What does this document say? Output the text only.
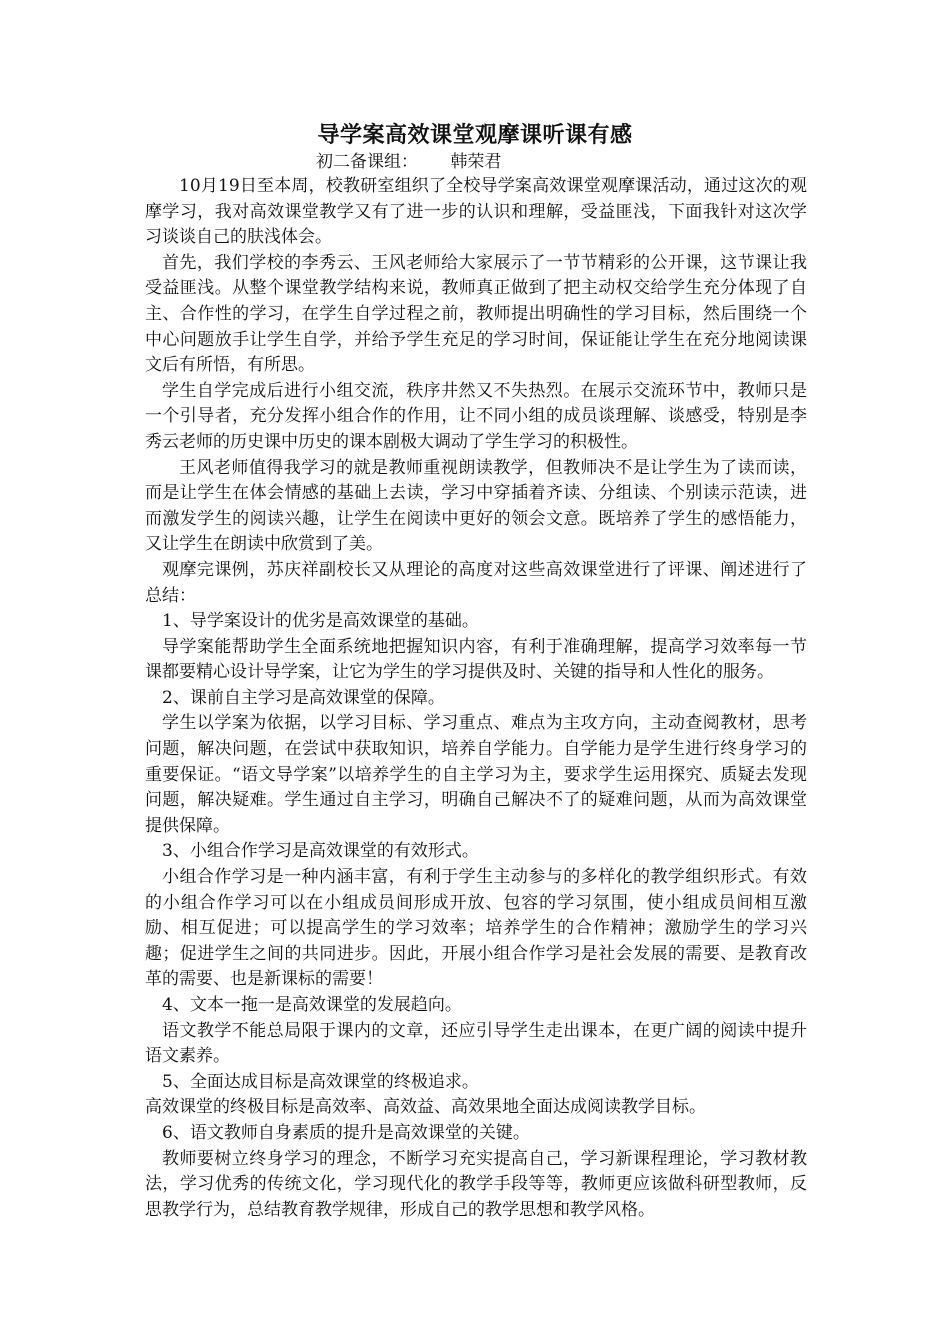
导学案高效课堂观摩课听课有感
初二备课组： 韩荣君

10月19日至本周，校教研室组织了全校导学案高效课堂观摩课活动，通过这次的观摩学习，我对高效课堂教学又有了进一步的认识和理解，受益匪浅，下面我针对这次学习谈谈自己的肤浅体会。

首先，我们学校的李秀云、王风老师给大家展示了一节节精彩的公开课，这节课让我受益匪浅。从整个课堂教学结构来说，教师真正做到了把主动权交给学生充分体现了自主、合作性的学习，在学生自学过程之前，教师提出明确性的学习目标，然后围绕一个中心问题放手让学生自学，并给予学生充足的学习时间，保证能让学生在充分地阅读课文后有所悟，有所思。

学生自学完成后进行小组交流，秩序井然又不失热烈。在展示交流环节中，教师只是一个引导者，充分发挥小组合作的作用，让不同小组的成员谈理解、谈感受，特别是李秀云老师的历史课中历史的课本剧极大调动了学生学习的积极性。

王风老师值得我学习的就是教师重视朗读教学，但教师决不是让学生为了读而读，而是让学生在体会情感的基础上去读，学习中穿插着齐读、分组读、个别读示范读，进而激发学生的阅读兴趣，让学生在阅读中更好的领会文意。既培养了学生的感悟能力，又让学生在朗读中欣赏到了美。

观摩完课例，苏庆祥副校长又从理论的高度对这些高效课堂进行了评课、阐述进行了总结：

1、导学案设计的优劣是高效课堂的基础。

导学案能帮助学生全面系统地把握知识内容，有利于准确理解，提高学习效率每一节课都要精心设计导学案，让它为学生的学习提供及时、关键的指导和人性化的服务。

2、课前自主学习是高效课堂的保障。

学生以学案为依据，以学习目标、学习重点、难点为主攻方向，主动查阅教材，思考问题，解决问题，在尝试中获取知识，培养自学能力。自学能力是学生进行终身学习的重要保证。“语文导学案”以培养学生的自主学习为主，要求学生运用探究、质疑去发现问题，解决疑难。学生通过自主学习，明确自己解决不了的疑难问题，从而为高效课堂提供保障。

3、小组合作学习是高效课堂的有效形式。

小组合作学习是一种内涵丰富，有利于学生主动参与的多样化的教学组织形式。有效的小组合作学习可以在小组成员间形成开放、包容的学习氛围，使小组成员间相互激励、相互促进；可以提高学生的学习效率；培养学生的合作精神；激励学生的学习兴趣；促进学生之间的共同进步。因此，开展小组合作学习是社会发展的需要、是教育改革的需要、也是新课标的需要！

4、文本一拖一是高效课堂的发展趋向。

语文教学不能总局限于课内的文章，还应引导学生走出课本，在更广阔的阅读中提升语文素养。

5、全面达成目标是高效课堂的终极追求。

高效课堂的终极目标是高效率、高效益、高效果地全面达成阅读教学目标。

6、语文教师自身素质的提升是高效课堂的关键。

教师要树立终身学习的理念，不断学习充实提高自己，学习新课程理论，学习教材教法，学习优秀的传统文化，学习现代化的教学手段等等，教师更应该做科研型教师，反思教学行为，总结教育教学规律，形成自己的教学思想和教学风格。
